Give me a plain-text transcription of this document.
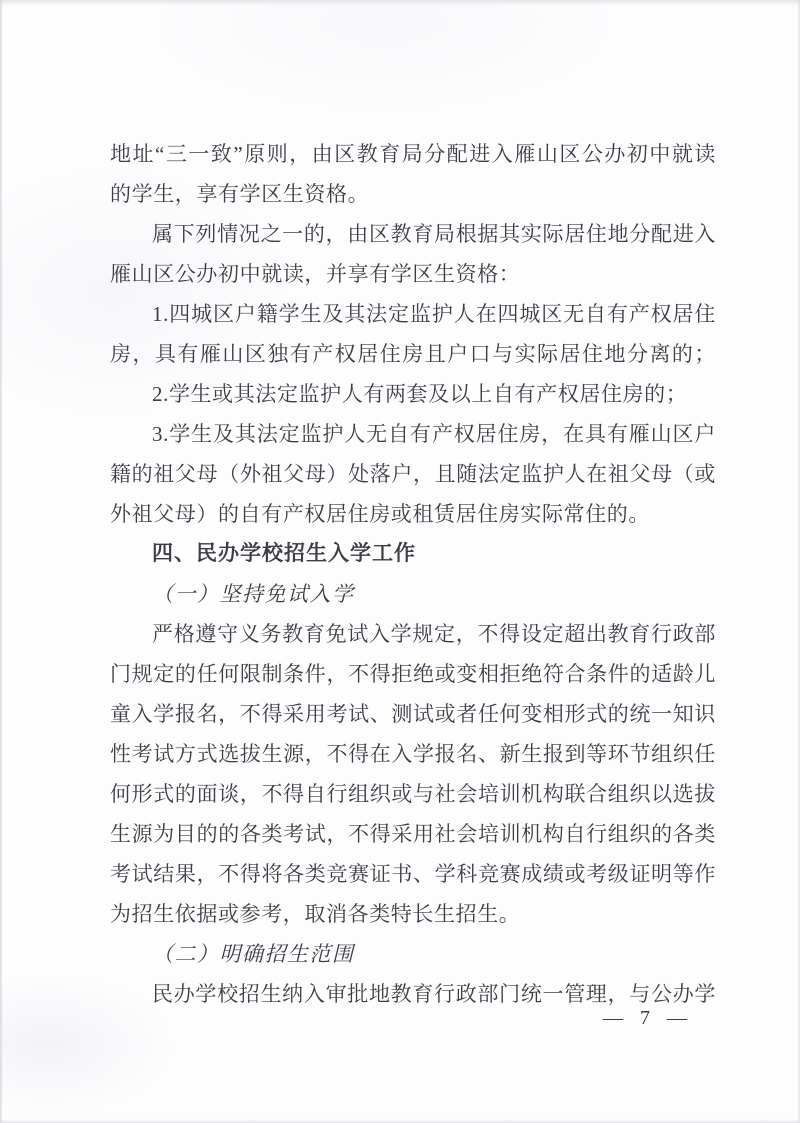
地址“三一致”原则，由区教育局分配进入雁山区公办初中就读
的学生，享有学区生资格。
属下列情况之一的，由区教育局根据其实际居住地分配进入
雁山区公办初中就读，并享有学区生资格：
1.四城区户籍学生及其法定监护人在四城区无自有产权居住
房，具有雁山区独有产权居住房且户口与实际居住地分离的；
2.学生或其法定监护人有两套及以上自有产权居住房的；
3.学生及其法定监护人无自有产权居住房，在具有雁山区户
籍的祖父母（外祖父母）处落户，且随法定监护人在祖父母（或
外祖父母）的自有产权居住房或租赁居住房实际常住的。
四、民办学校招生入学工作
（一）坚持免试入学
严格遵守义务教育免试入学规定，不得设定超出教育行政部
门规定的任何限制条件，不得拒绝或变相拒绝符合条件的适龄儿
童入学报名，不得采用考试、测试或者任何变相形式的统一知识
性考试方式选拔生源，不得在入学报名、新生报到等环节组织任
何形式的面谈，不得自行组织或与社会培训机构联合组织以选拔
生源为目的的各类考试，不得采用社会培训机构自行组织的各类
考试结果，不得将各类竞赛证书、学科竞赛成绩或考级证明等作
为招生依据或参考，取消各类特长生招生。
（二）明确招生范围
民办学校招生纳入审批地教育行政部门统一管理，与公办学
— 7 —
